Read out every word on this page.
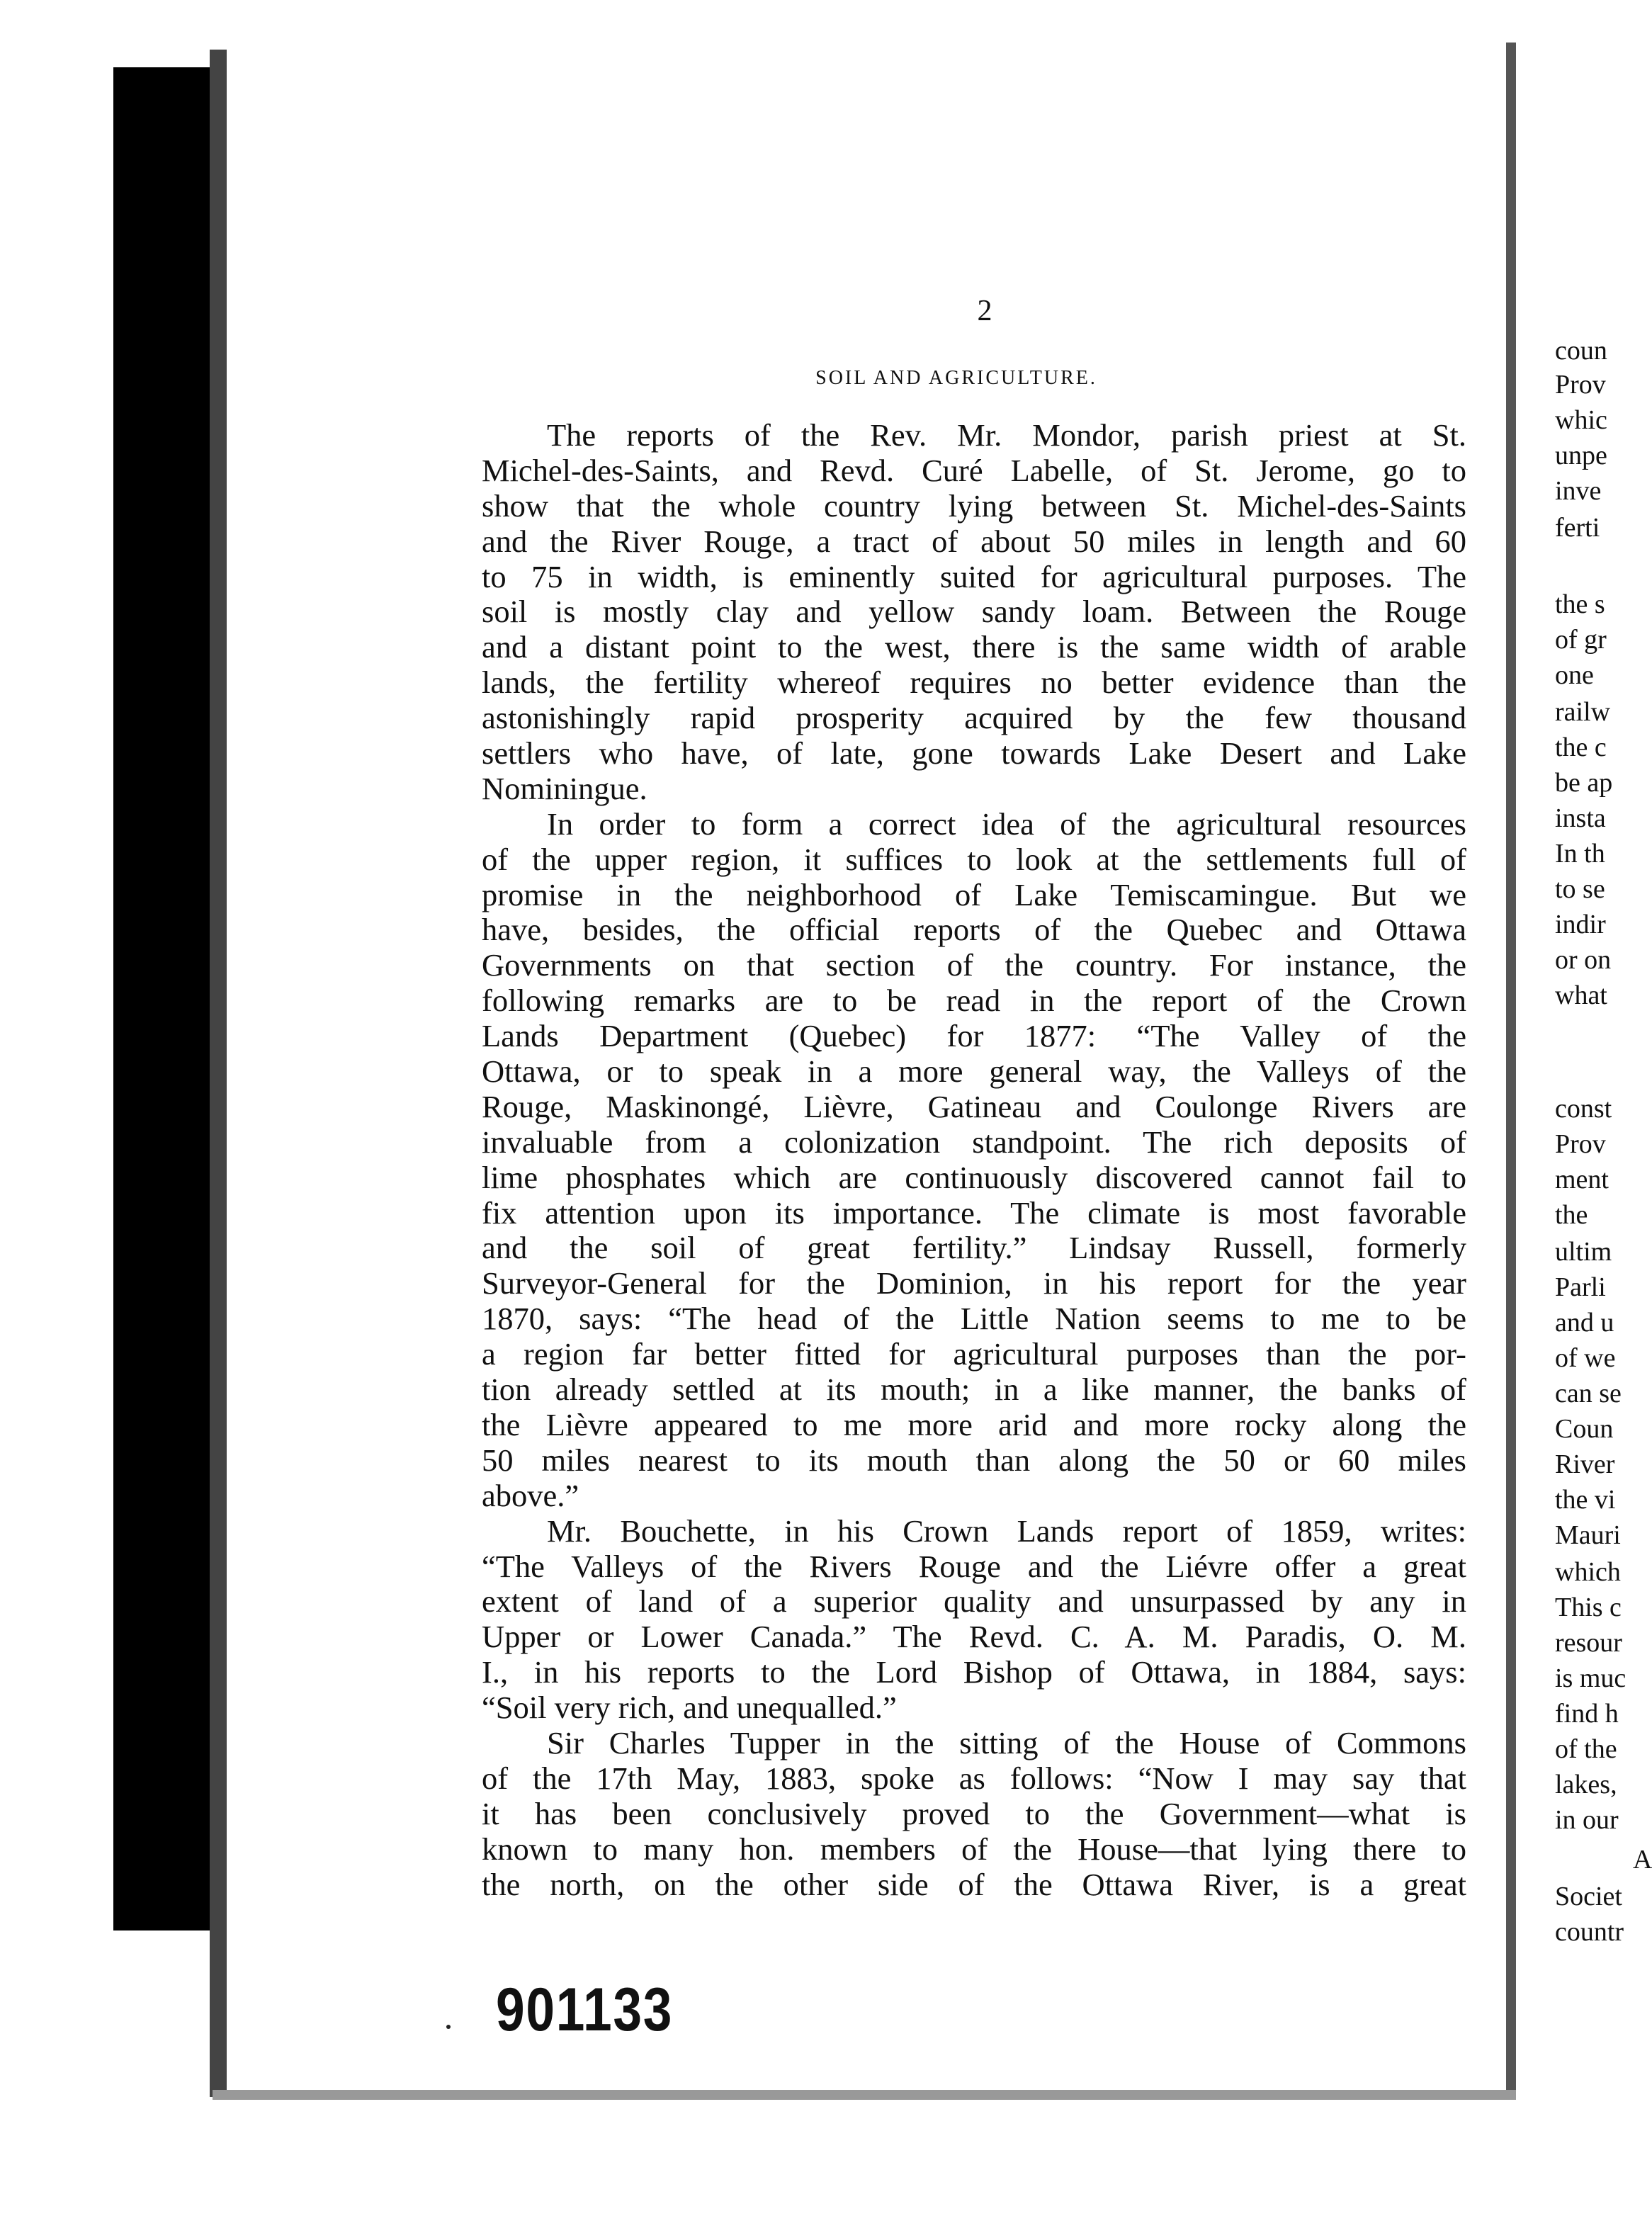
coun
Prov
whic
unpe
inve
ferti
the s
of gr
one
railw
the c
be ap
insta
In th
to se
indir
or on
what
const
Prov
ment
the
ultim
Parli
and u
of we
can se
Coun
River
the vi
Mauri
which
This c
resour
is muc
find h
of the
lakes,
in our
A
Societ
countr
2
SOIL AND AGRICULTURE.
The reports of the Rev. Mr. Mondor, parish priest at St.
Michel-des-Saints, and Revd. Curé Labelle, of St. Jerome, go to
show that the whole country lying between St. Michel-des-Saints
and the River Rouge, a tract of about 50 miles in length and 60
to 75 in width, is eminently suited for agricultural purposes. The
soil is mostly clay and yellow sandy loam. Between the Rouge
and a distant point to the west, there is the same width of arable
lands, the fertility whereof requires no better evidence than the
astonishingly rapid prosperity acquired by the few thousand
settlers who have, of late, gone towards Lake Desert and Lake
Nominingue.
In order to form a correct idea of the agricultural resources
of the upper region, it suffices to look at the settlements full of
promise in the neighborhood of Lake Temiscamingue. But we
have, besides, the official reports of the Quebec and Ottawa
Governments on that section of the country. For instance, the
following remarks are to be read in the report of the Crown
Lands Department (Quebec) for 1877: “The Valley of the
Ottawa, or to speak in a more general way, the Valleys of the
Rouge, Maskinongé, Lièvre, Gatineau and Coulonge Rivers are
invaluable from a colonization standpoint. The rich deposits of
lime phosphates which are continuously discovered cannot fail to
fix attention upon its importance. The climate is most favorable
and the soil of great fertility.” Lindsay Russell, formerly
Surveyor-General for the Dominion, in his report for the year
1870, says: “The head of the Little Nation seems to me to be
a region far better fitted for agricultural purposes than the por-
tion already settled at its mouth; in a like manner, the banks of
the Lièvre appeared to me more arid and more rocky along the
50 miles nearest to its mouth than along the 50 or 60 miles
above.”
Mr. Bouchette, in his Crown Lands report of 1859, writes:
“The Valleys of the Rivers Rouge and the Liévre offer a great
extent of land of a superior quality and unsurpassed by any in
Upper or Lower Canada.” The Revd. C. A. M. Paradis, O. M.
I., in his reports to the Lord Bishop of Ottawa, in 1884, says:
“Soil very rich, and unequalled.”
Sir Charles Tupper in the sitting of the House of Commons
of the 17th May, 1883, spoke as follows: “Now I may say that
it has been conclusively proved to the Government—what is
known to many hon. members of the House—that lying there to
the north, on the other side of the Ottawa River, is a great
901133
